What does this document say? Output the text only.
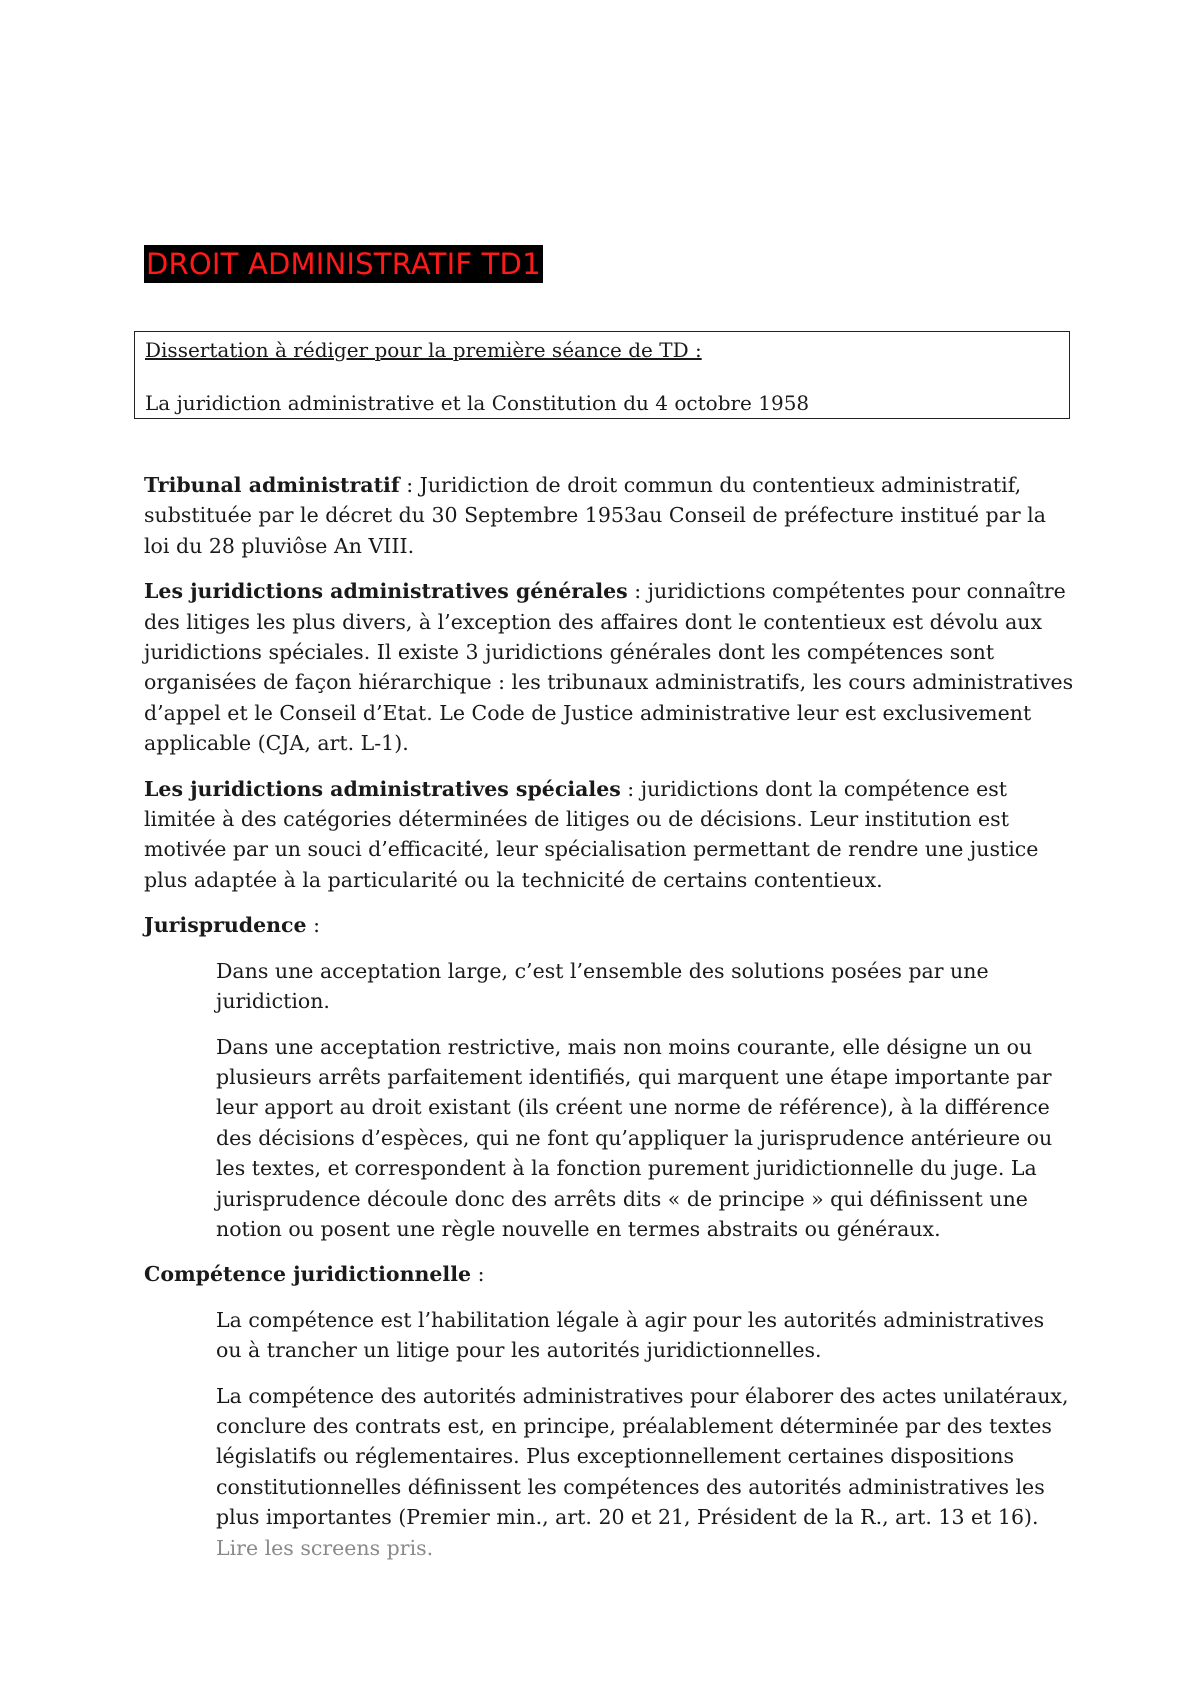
DROIT ADMINISTRATIF TD1
Dissertation à rédiger pour la première séance de TD :
La juridiction administrative et la Constitution du 4 octobre 1958

Tribunal administratif : Juridiction de droit commun du contentieux administratif, substituée par le décret du 30 Septembre 1953au Conseil de préfecture institué par la loi du 28 pluviôse An VIII.

Les juridictions administratives générales : juridictions compétentes pour connaître des litiges les plus divers, à l’exception des affaires dont le contentieux est dévolu aux juridictions spéciales. Il existe 3 juridictions générales dont les compétences sont organisées de façon hiérarchique : les tribunaux administratifs, les cours administratives d’appel et le Conseil d’Etat. Le Code de Justice administrative leur est exclusivement applicable (CJA, art. L-1).

Les juridictions administratives spéciales : juridictions dont la compétence est limitée à des catégories déterminées de litiges ou de décisions. Leur institution est motivée par un souci d’efficacité, leur spécialisation permettant de rendre une justice plus adaptée à la particularité ou la technicité de certains contentieux.

Jurisprudence :

Dans une acceptation large, c’est l’ensemble des solutions posées par une juridiction.

Dans une acceptation restrictive, mais non moins courante, elle désigne un ou plusieurs arrêts parfaitement identifiés, qui marquent une étape importante par leur apport au droit existant (ils créent une norme de référence), à la différence des décisions d’espèces, qui ne font qu’appliquer la jurisprudence antérieure ou les textes, et correspondent à la fonction purement juridictionnelle du juge. La jurisprudence découle donc des arrêts dits « de principe » qui définissent une notion ou posent une règle nouvelle en termes abstraits ou généraux.

Compétence juridictionnelle :

La compétence est l’habilitation légale à agir pour les autorités administratives ou à trancher un litige pour les autorités juridictionnelles.

La compétence des autorités administratives pour élaborer des actes unilatéraux, conclure des contrats est, en principe, préalablement déterminée par des textes législatifs ou réglementaires. Plus exceptionnellement certaines dispositions constitutionnelles définissent les compétences des autorités administratives les plus importantes (Premier min., art. 20 et 21, Président de la R., art. 13 et 16). Lire les screens pris.
